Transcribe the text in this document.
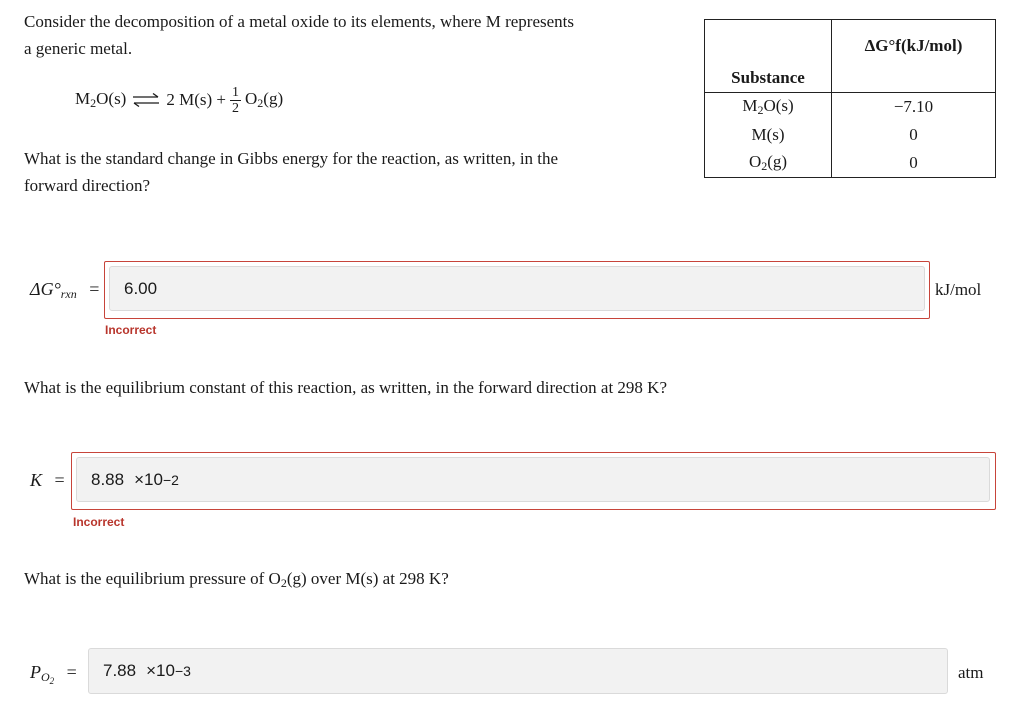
Consider the decomposition of a metal oxide to its elements, where M represents
a generic metal.
$M_2O(s)$ ⇌ 2 $M(s) + \frac{1}{2} O_2(g)$
Substance	ΔG°f(kJ/mol)
$M_2O(s)$	−7.10
M(s)	0
$O_2(g)$	0
What is the standard change in Gibbs energy for the reaction, as written, in the
forward direction?
$\Delta G^\circ_{rxn} = 6.00$	kJ/mol
Incorrect
What is the equilibrium constant of this reaction, as written, in the forward direction at 298 K?
K = 8.88 ×10 −2
Incorrect
What is the equilibrium pressure of $O_2(g)$ over M(s) at 298 K?
$P_{O2} = 7.88 \times 10 -3$	atm
